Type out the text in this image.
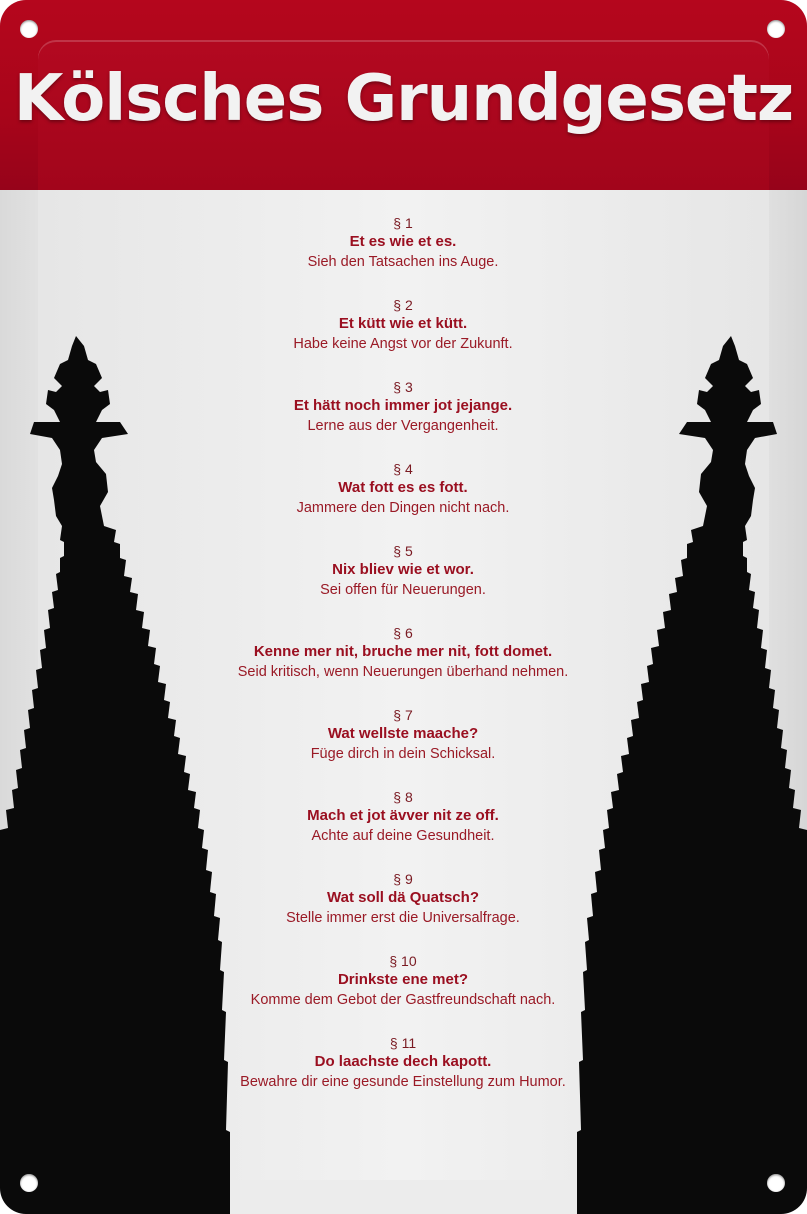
Kölsches Grundgesetz
§ 1
Et es wie et es.
Sieh den Tatsachen ins Auge.
§ 2
Et kütt wie et kütt.
Habe keine Angst vor der Zukunft.
§ 3
Et hätt noch immer jot jejange.
Lerne aus der Vergangenheit.
§ 4
Wat fott es es fott.
Jammere den Dingen nicht nach.
§ 5
Nix bliev wie et wor.
Sei offen für Neuerungen.
§ 6
Kenne mer nit, bruche mer nit, fott domet.
Seid kritisch, wenn Neuerungen überhand nehmen.
§ 7
Wat wellste maache?
Füge dirch in dein Schicksal.
§ 8
Mach et jot ävver nit ze off.
Achte auf deine Gesundheit.
§ 9
Wat soll dä Quatsch?
Stelle immer erst die Universalfrage.
§ 10
Drinkste ene met?
Komme dem Gebot der Gastfreundschaft nach.
§ 11
Do laachste dech kapott.
Bewahre dir eine gesunde Einstellung zum Humor.
